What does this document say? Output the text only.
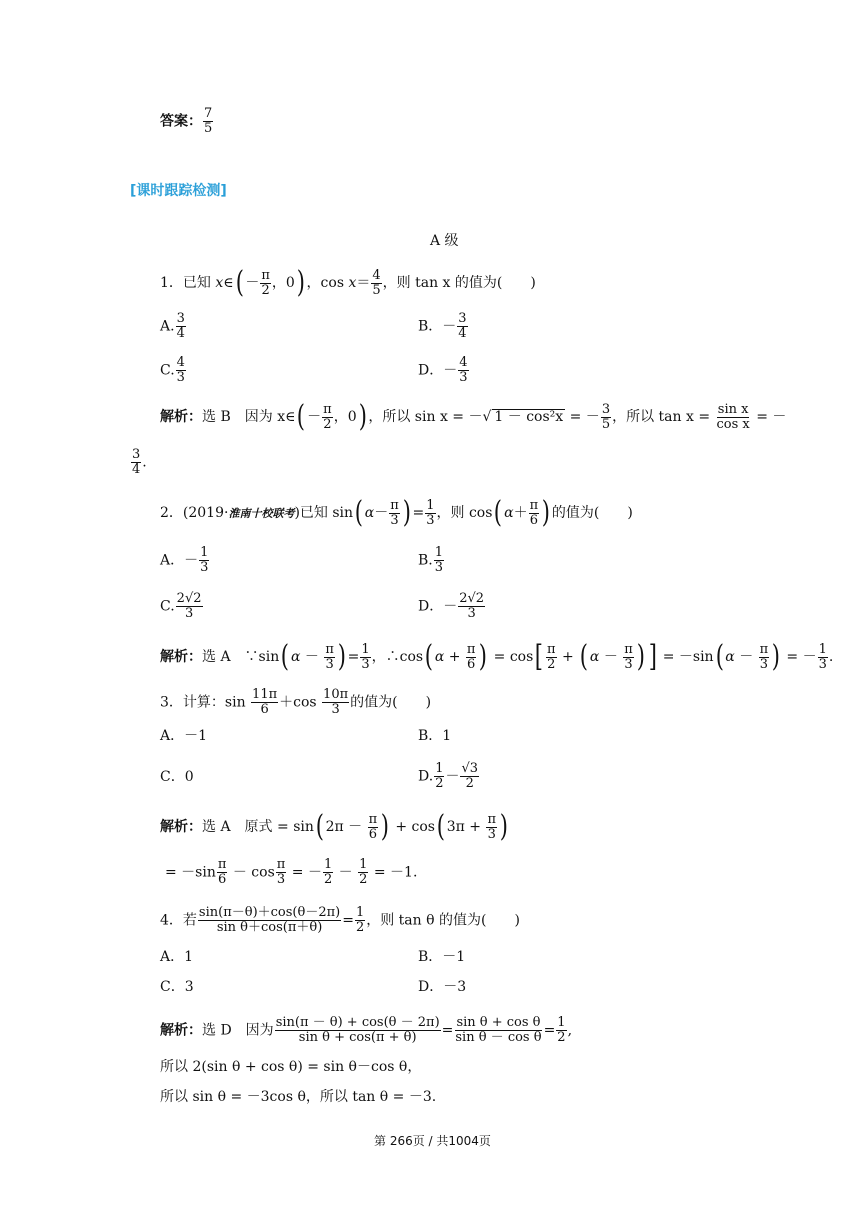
答案： $\frac{7}{5}$
[课时跟踪检测]
A 级
1．已知 x∈( － $\frac{\pi}{2}$ ，0) ，$\cos x= \frac{4}{5}$ ，则 tan x 的值为(　　)
A. $\frac{3}{4}$	B．－ $\frac{3}{4}$
C. $\frac{4}{3}$	D．－ $\frac{4}{3}$
解析：选 B　因为 x∈( － $\frac{\pi}{2}$ ，0) ，所以 sin x = －√ 1 － cos²x = － $\frac{3}{5}$ ，所以 $\tan x = \frac{\text{sin x}}{\text{cos x}}$ = －
$\frac{3}{4}$ .
2．(2019·淮南十校联考)已知 sin( $\alpha- \frac{\pi}{3}$ ) = $\frac{1}{3}$ ，则 cos( $\alpha+ \frac{\pi}{6}$ ) 的值为(　　)
A．－ $\frac{1}{3}$	B. $\frac{1}{3}$
C. $\frac{2√2}{3}$	D．－ $\frac{2√2}{3}$
解析：选 A　∵sin( $\alpha - \frac{\pi}{3}$ ) = $\frac{1}{3}$ ，∴cos( $\alpha + \frac{\pi}{6}$ ) = $\cos[ \frac{\pi}{2}$ + ( $\alpha - \frac{\pi}{3}$ ) ] = －sin( $\alpha - \frac{\pi}{3}$ ) = － $\frac{1}{3}$ .
3．计算：$\sin \frac{11\pi}{6} +\cos \frac{10\pi}{3}$ 的值为(　　)
A．－1	B．1
C．0	D. $\frac{1}{2} - \frac{√3}{2}$
解析：选 A　原式 = sin( $2\pi - \frac{\pi}{6}$ ) + cos( $3\pi + \frac{\pi}{3}$ )
= $-\sin \frac{\pi}{6} - \cos \frac{\pi}{3}$ = － $\frac{1}{2} - \frac{1}{2} = -1$.
4．若 $\frac{\sin(\pi-\theta)+\cos(\theta-2\pi)}{\text{sin θ＋cos(π＋θ)}} = \frac{1}{2}$ ，则 tan θ 的值为(　　)
A．1	B．－1
C．3	D．－3
解析：选 D　因为 $\frac{\sin(\pi - \theta) + \cos(\theta - 2\pi)}{\text{sin θ + cos(π + θ)}} = \frac{\text{sin θ + cos θ}}{\text{sin θ － cos θ}} = \frac{1}{2}$ ,
所以 2(sin θ + cos θ) = sin θ－cos θ，
所以 sin θ = －3cos θ，所以 tan θ = －3.
第 266页 / 共1004页
